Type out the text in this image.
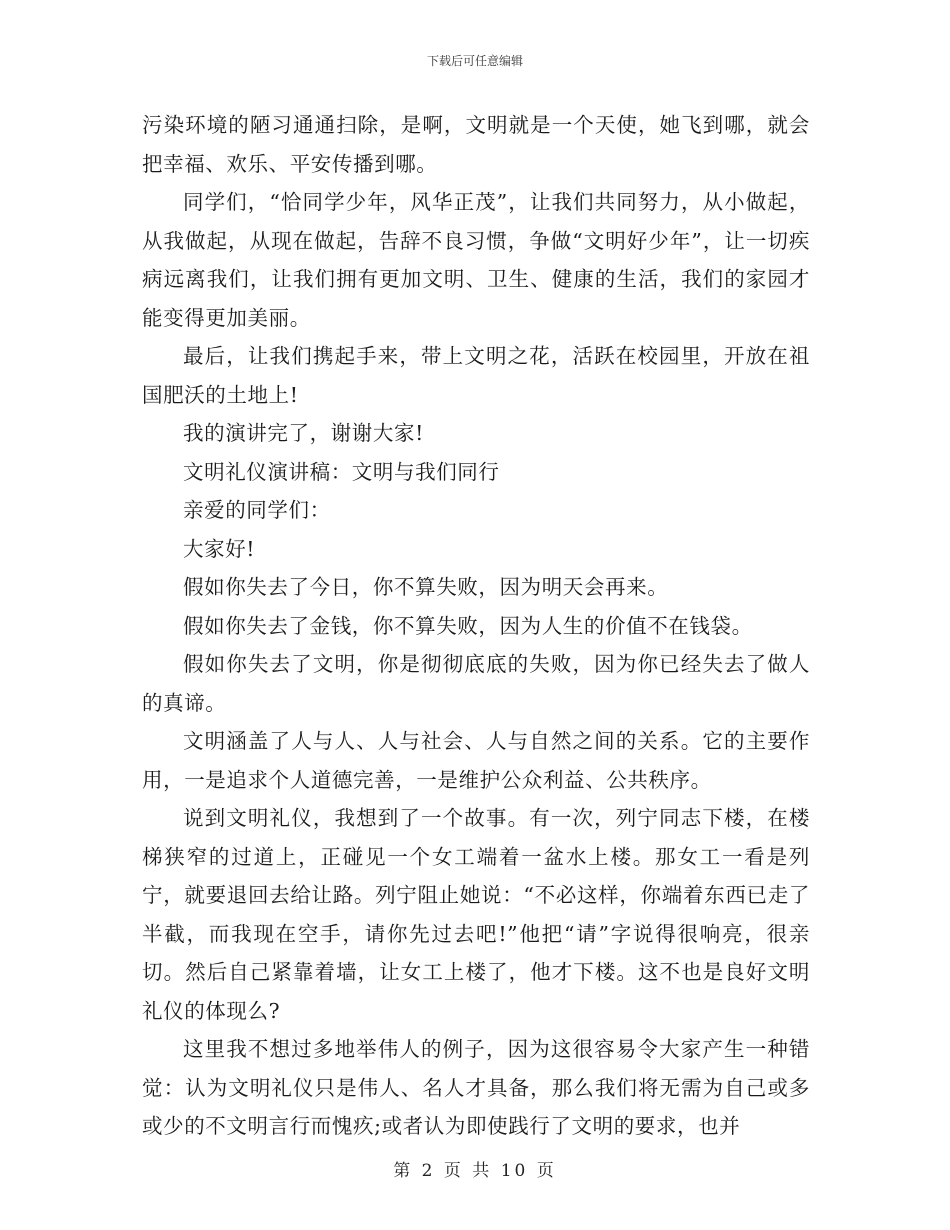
下载后可任意编辑

污染环境的陋习通通扫除，是啊，文明就是一个天使，她飞到哪，就会把幸福、欢乐、平安传播到哪。

同学们，“恰同学少年，风华正茂”，让我们共同努力，从小做起，从我做起，从现在做起，告辞不良习惯，争做“文明好少年”，让一切疾病远离我们，让我们拥有更加文明、卫生、健康的生活，我们的家园才能变得更加美丽。

最后，让我们携起手来，带上文明之花，活跃在校园里，开放在祖国肥沃的土地上!

我的演讲完了，谢谢大家!

文明礼仪演讲稿：文明与我们同行

亲爱的同学们：

大家好!

假如你失去了今日，你不算失败，因为明天会再来。

假如你失去了金钱，你不算失败，因为人生的价值不在钱袋。

假如你失去了文明，你是彻彻底底的失败，因为你已经失去了做人的真谛。

文明涵盖了人与人、人与社会、人与自然之间的关系。它的主要作用，一是追求个人道德完善，一是维护公众利益、公共秩序。

说到文明礼仪，我想到了一个故事。有一次，列宁同志下楼，在楼梯狭窄的过道上，正碰见一个女工端着一盆水上楼。那女工一看是列宁，就要退回去给让路。列宁阻止她说：“不必这样，你端着东西已走了半截，而我现在空手，请你先过去吧!”他把“请”字说得很响亮，很亲切。然后自己紧靠着墙，让女工上楼了，他才下楼。这不也是良好文明礼仪的体现么?

这里我不想过多地举伟人的例子，因为这很容易令大家产生一种错觉：认为文明礼仪只是伟人、名人才具备，那么我们将无需为自己或多或少的不文明言行而愧疚;或者认为即使践行了文明的要求，也并

第 2 页 共 10 页
